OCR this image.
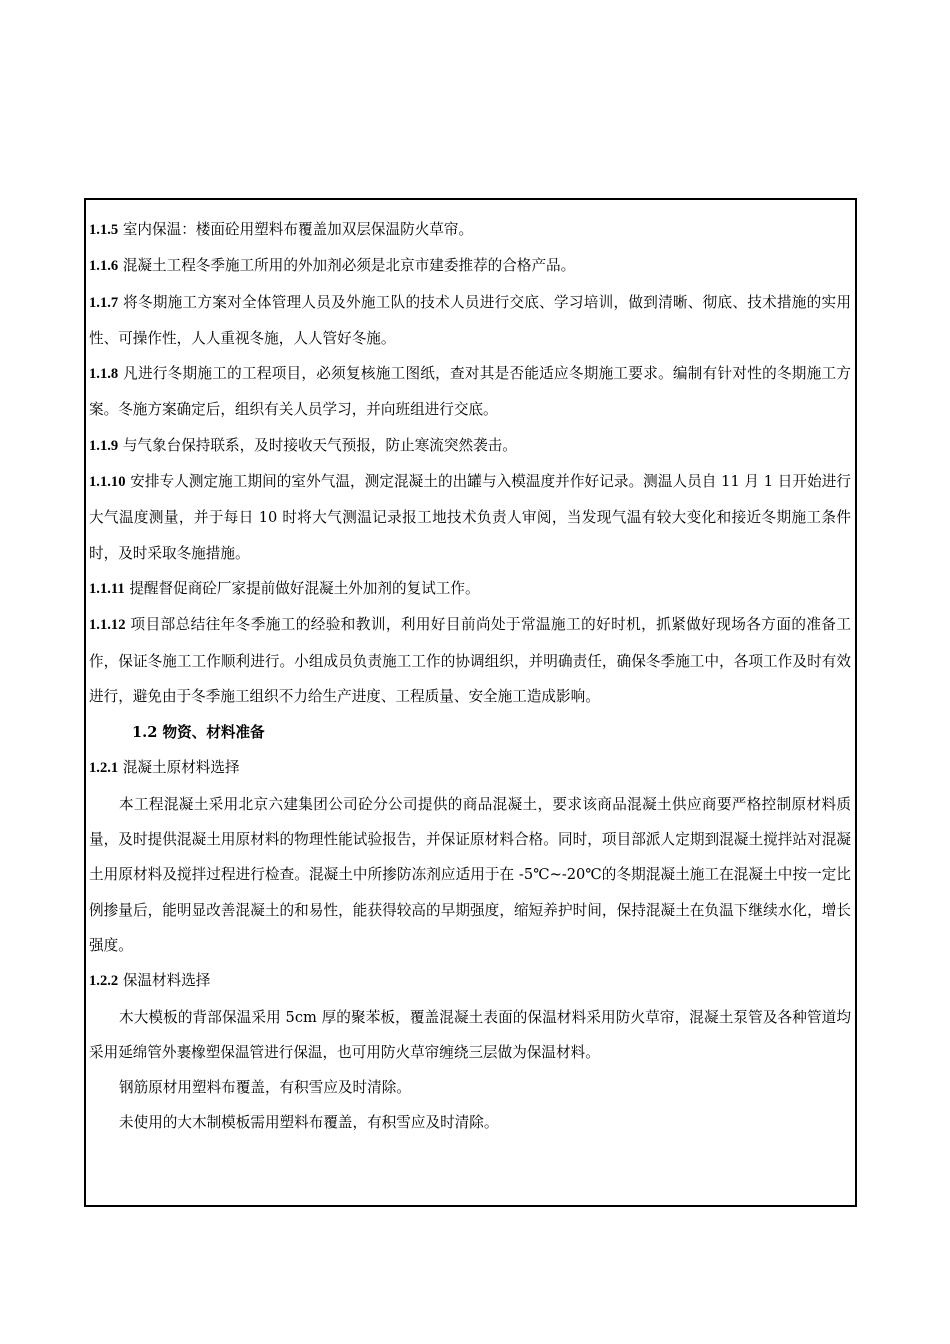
1.1.5 室内保温：楼面砼用塑料布覆盖加双层保温防火草帘。

1.1.6 混凝土工程冬季施工所用的外加剂必须是北京市建委推荐的合格产品。

1.1.7 将冬期施工方案对全体管理人员及外施工队的技术人员进行交底、学习培训，做到清晰、彻底、技术措施的实用性、可操作性，人人重视冬施，人人管好冬施。

1.1.8 凡进行冬期施工的工程项目，必须复核施工图纸，查对其是否能适应冬期施工要求。编制有针对性的冬期施工方案。冬施方案确定后，组织有关人员学习，并向班组进行交底。

1.1.9 与气象台保持联系，及时接收天气预报，防止寒流突然袭击。

1.1.10 安排专人测定施工期间的室外气温，测定混凝土的出罐与入模温度并作好记录。测温人员自 11 月 1 日开始进行大气温度测量，并于每日 10 时将大气测温记录报工地技术负责人审阅，当发现气温有较大变化和接近冬期施工条件时，及时采取冬施措施。

1.1.11 提醒督促商砼厂家提前做好混凝土外加剂的复试工作。

1.1.12 项目部总结往年冬季施工的经验和教训，利用好目前尚处于常温施工的好时机，抓紧做好现场各方面的准备工作，保证冬施工工作顺利进行。小组成员负责施工工作的协调组织，并明确责任，确保冬季施工中，各项工作及时有效进行，避免由于冬季施工组织不力给生产进度、工程质量、安全施工造成影响。

1.2 物资、材料准备

1.2.1 混凝土原材料选择

本工程混凝土采用北京六建集团公司砼分公司提供的商品混凝土，要求该商品混凝土供应商要严格控制原材料质量，及时提供混凝土用原材料的物理性能试验报告，并保证原材料合格。同时，项目部派人定期到混凝土搅拌站对混凝土用原材料及搅拌过程进行检查。混凝土中所掺防冻剂应适用于在 -5℃~-20℃的冬期混凝土施工在混凝土中按一定比例掺量后，能明显改善混凝土的和易性，能获得较高的早期强度，缩短养护时间，保持混凝土在负温下继续水化，增长强度。

1.2.2 保温材料选择

木大模板的背部保温采用 5cm 厚的聚苯板，覆盖混凝土表面的保温材料采用防火草帘，混凝土泵管及各种管道均采用延绵管外裹橡塑保温管进行保温，也可用防火草帘缠绕三层做为保温材料。

钢筋原材用塑料布覆盖，有积雪应及时清除。

未使用的大木制模板需用塑料布覆盖，有积雪应及时清除。
